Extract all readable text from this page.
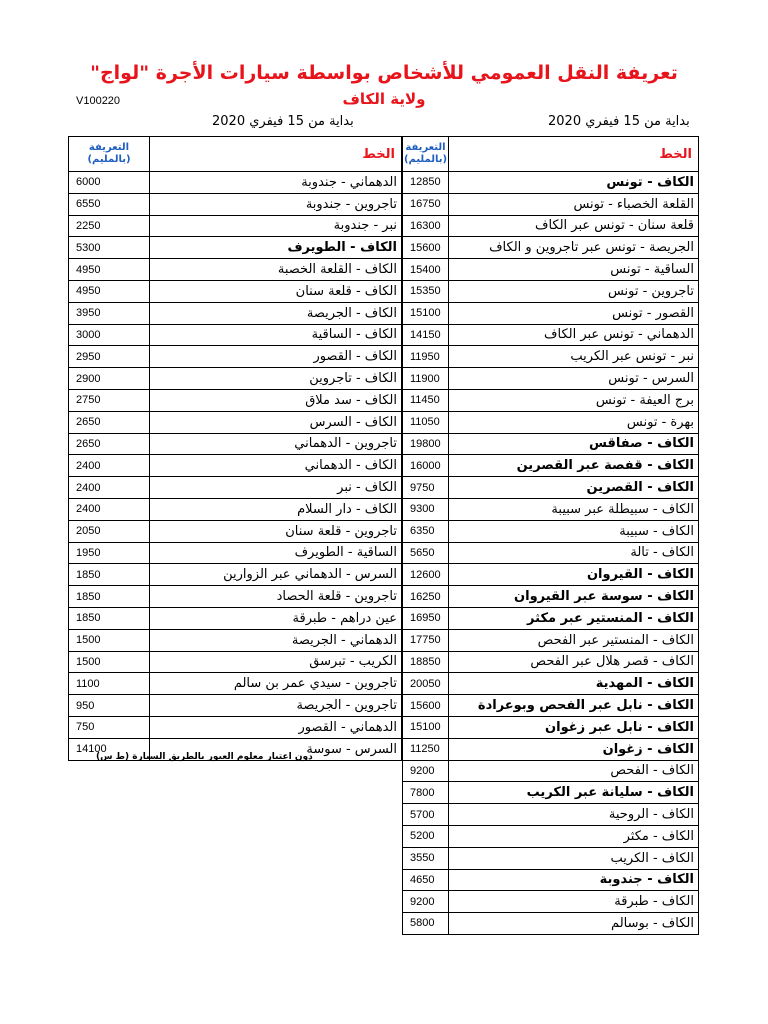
تعريفة النقل العمومي للأشخاص بواسطة سيارات الأجرة "لواج"
ولاية الكاف
V100220
بداية من 15 فيفري 2020	بداية من 15 فيفري 2020
التعريفة
(بالمليم)	الخط
12850	الكاف - تونس
16750	القلعة الخصباء - تونس
16300	قلعة سنان - تونس عبر الكاف
15600	الجريصة - تونس عبر تاجروين و الكاف
15400	الساقية - تونس
15350	تاجروين - تونس
15100	القصور - تونس
14150	الدهماني - تونس عبر الكاف
11950	نبر - تونس عبر الكريب
11900	السرس - تونس
11450	برج العيفة - تونس
11050	بهرة - تونس
19800	الكاف - صفاقس
16000	الكاف - قفصة عبر القصرين
9750	الكاف - القصرين
9300	الكاف - سبيطلة عبر سبيبة
6350	الكاف - سبيبة
5650	الكاف - تالة
12600	الكاف - القيروان
16250	الكاف - سوسة عبر القيروان
16950	الكاف - المنستير عبر مكثر
17750	الكاف - المنستير عبر الفحص
18850	الكاف - قصر هلال عبر الفحص
20050	الكاف - المهدية
15600	الكاف - نابل عبر الفحص وبوعرادة
15100	الكاف - نابل عبر زغوان
11250	الكاف - زغوان
9200	الكاف - الفحص
7800	الكاف - سليانة عبر الكريب
5700	الكاف - الروحية
5200	الكاف - مكثر
3550	الكاف - الكريب
4650	الكاف - جندوبة
9200	الكاف - طبرقة
5800	الكاف - بوسالم
التعريفة
(بالمليم)	الخط
6000	الدهماني - جندوبة
6550	تاجروين - جندوبة
2250	نبر - جندوبة
5300	الكاف - الطويرف
4950	الكاف - القلعة الخصبة
4950	الكاف - قلعة سنان
3950	الكاف - الجريصة
3000	الكاف - الساقية
2950	الكاف - القصور
2900	الكاف - تاجروين
2750	الكاف - سد ملاق
2650	الكاف - السرس
2650	تاجروين - الدهماني
2400	الكاف - الدهماني
2400	الكاف - نبر
2400	الكاف - دار السلام
2050	تاجروين - قلعة سنان
1950	الساقية - الطويرف
1850	السرس - الدهماني عبر الزوارين
1850	تاجروين - قلعة الحصاد
1850	عين دراهم - طبرقة
1500	الدهماني - الجريصة
1500	الكريب - تبرسق
1100	تاجروين - سيدي عمر بن سالم
950	تاجروين - الجريصة
750	الدهماني - القصور
14100	السرس - سوسة
دون اعتبار معلوم العبور بالطريق السيارة (ط س)
